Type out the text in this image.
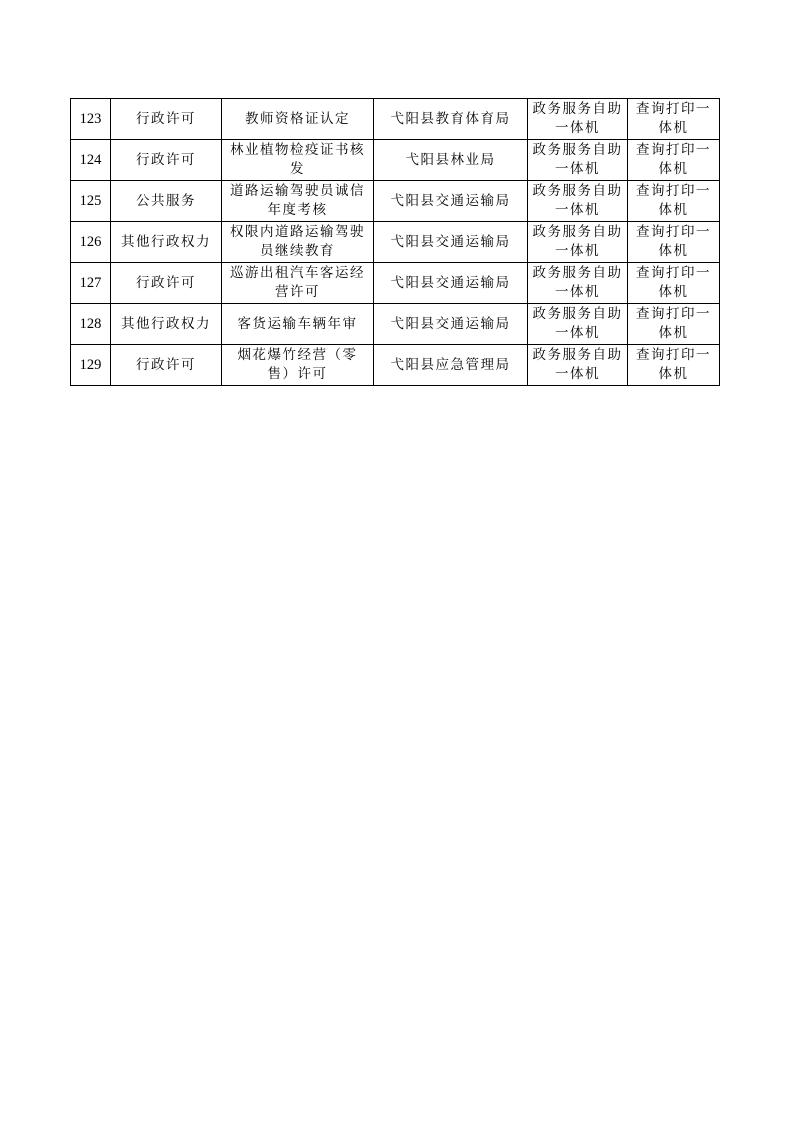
123	行政许可	教师资格证认定	弋阳县教育体育局	政务服务自助一体机	查询打印一体机
124	行政许可	林业植物检疫证书核发	弋阳县林业局	政务服务自助一体机	查询打印一体机
125	公共服务	道路运输驾驶员诚信年度考核	弋阳县交通运输局	政务服务自助一体机	查询打印一体机
126	其他行政权力	权限内道路运输驾驶员继续教育	弋阳县交通运输局	政务服务自助一体机	查询打印一体机
127	行政许可	巡游出租汽车客运经营许可	弋阳县交通运输局	政务服务自助一体机	查询打印一体机
128	其他行政权力	客货运输车辆年审	弋阳县交通运输局	政务服务自助一体机	查询打印一体机
129	行政许可	烟花爆竹经营（零售）许可	弋阳县应急管理局	政务服务自助一体机	查询打印一体机
